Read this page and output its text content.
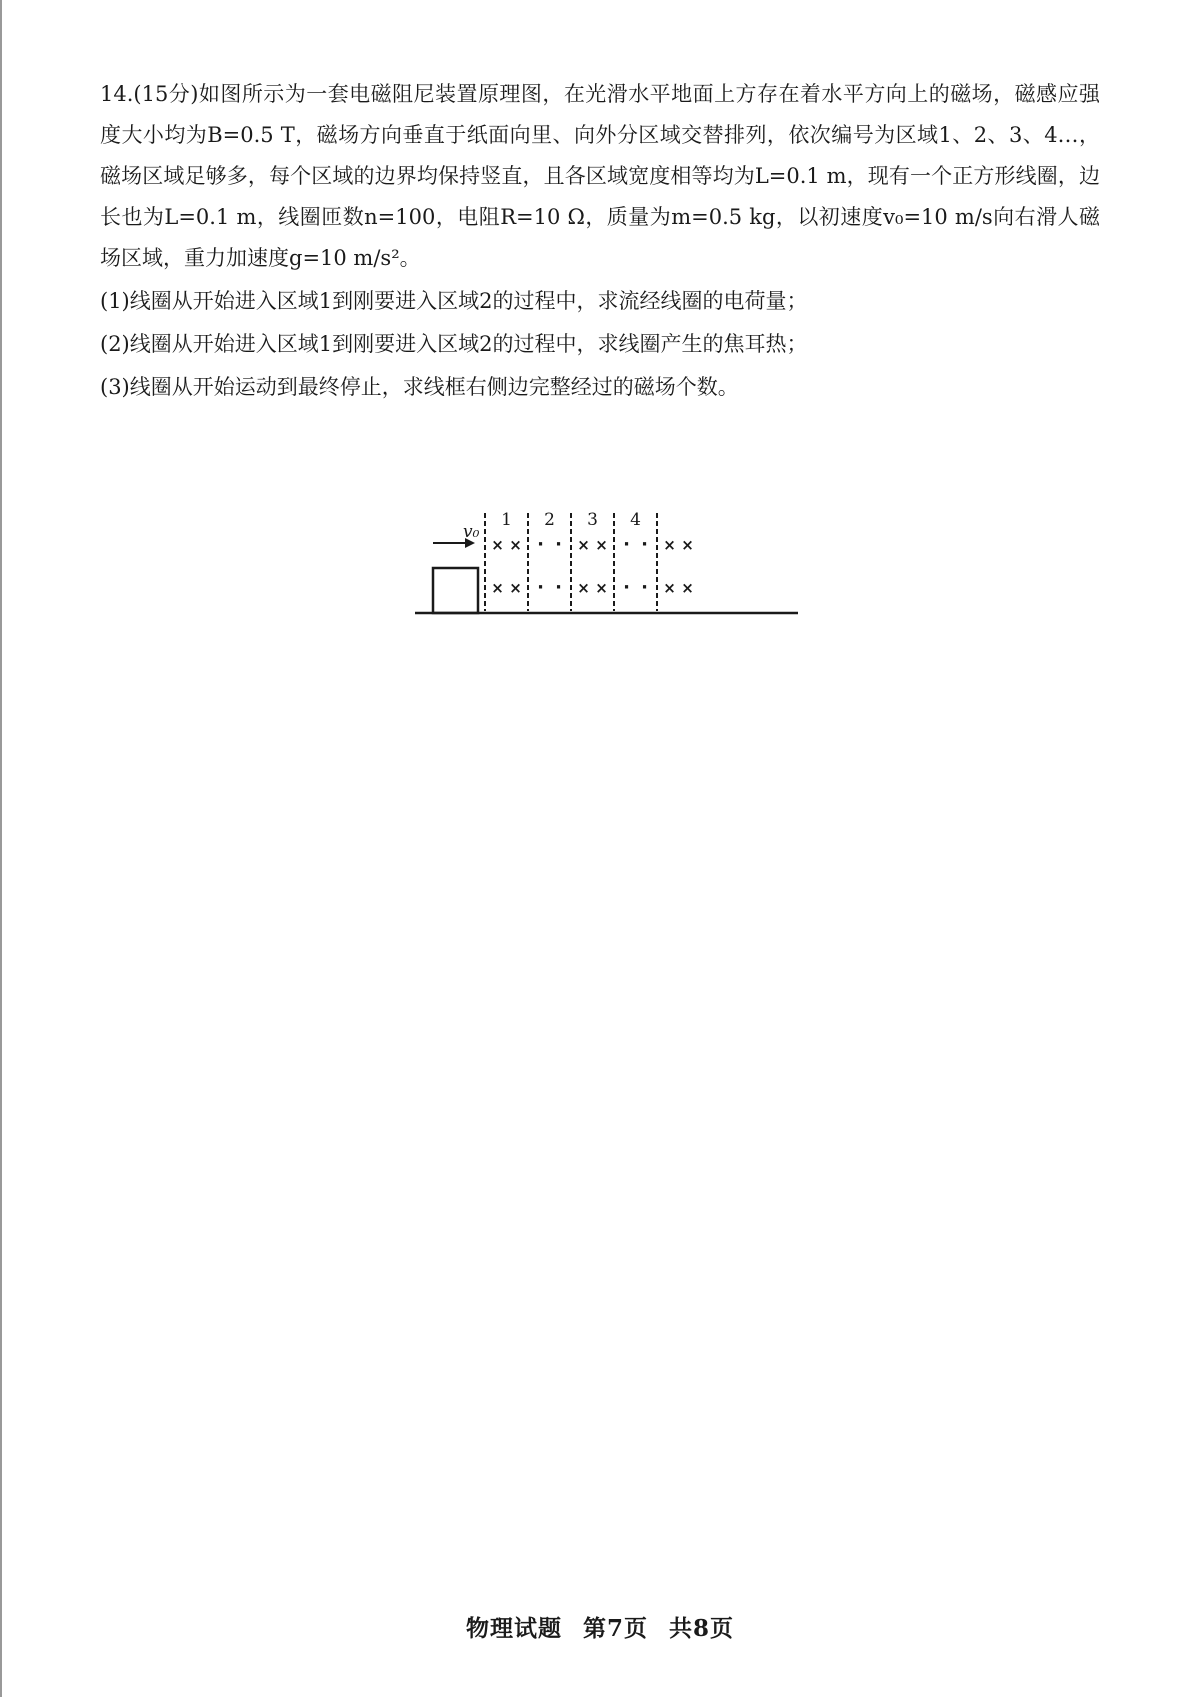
14.(15分)如图所示为一套电磁阻尼装置原理图，在光滑水平地面上方存在着水平方向上的磁场，磁感应强度大小均为B=0.5 T，磁场方向垂直于纸面向里、向外分区域交替排列，依次编号为区域1、2、3、4…，磁场区域足够多，每个区域的边界均保持竖直，且各区域宽度相等均为L=0.1 m，现有一个正方形线圈，边长也为L=0.1 m，线圈匝数n=100，电阻R=10 Ω，质量为m=0.5 kg，以初速度v₀=10 m/s向右滑人磁场区域，重力加速度g=10 m/s²。

(1)线圈从开始进入区域1到刚要进入区域2的过程中，求流经线圈的电荷量；

(2)线圈从开始进入区域1到刚要进入区域2的过程中，求线圈产生的焦耳热；

(3)线圈从开始运动到最终停止，求线框右侧边完整经过的磁场个数。

v₀
1 2 3 4
× ×
× ×
· ·
· ·
× ×
× ×
· ·
· ·
× ×
× ×
物理试题 第7页 共8页
